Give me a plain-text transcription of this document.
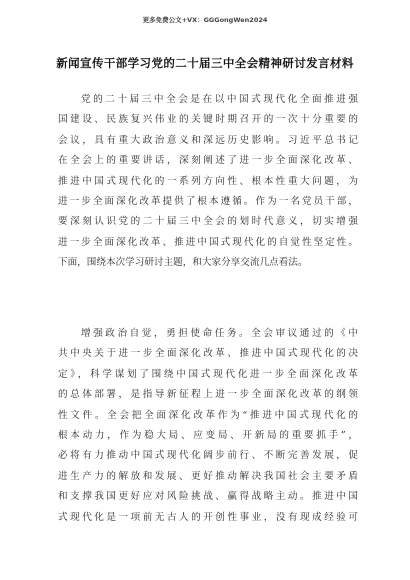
更多免费公文+VX：GGGongWen2024
新闻宣传干部学习党的二十届三中全会精神研讨发言材料
党的二十届三中全会是在以中国式现代化全面推进强
国建设、民族复兴伟业的关键时期召开的一次十分重要的
会议，具有重大政治意义和深远历史影响。习近平总书记
在全会上的重要讲话，深刻阐述了进一步全面深化改革、
推进中国式现代化的一系列方向性、根本性重大问题，为
进一步全面深化改革提供了根本遵循。作为一名党员干部，
要深刻认识党的二十届三中全会的划时代意义，切实增强
进一步全面深化改革、推进中国式现代化的自觉性坚定性。
下面，围绕本次学习研讨主题，和大家分享交流几点看法。
增强政治自觉，勇担使命任务。全会审议通过的《中
共中央关于进一步全面深化改革、推进中国式现代化的决
定》，科学谋划了围绕中国式现代化进一步全面深化改革
的总体部署，是指导新征程上进一步全面深化改革的纲领
性文件。全会把全面深化改革作为“推进中国式现代化的
根本动力，作为稳大局、应变局、开新局的重要抓手”，
必将有力推动中国式现代化阔步前行、不断完善发展，促
进生产力的解放和发展、更好推动解决我国社会主要矛盾
和支撑我国更好应对风险挑战、赢得战略主动。推进中国
式现代化是一项前无古人的开创性事业，没有现成经验可
